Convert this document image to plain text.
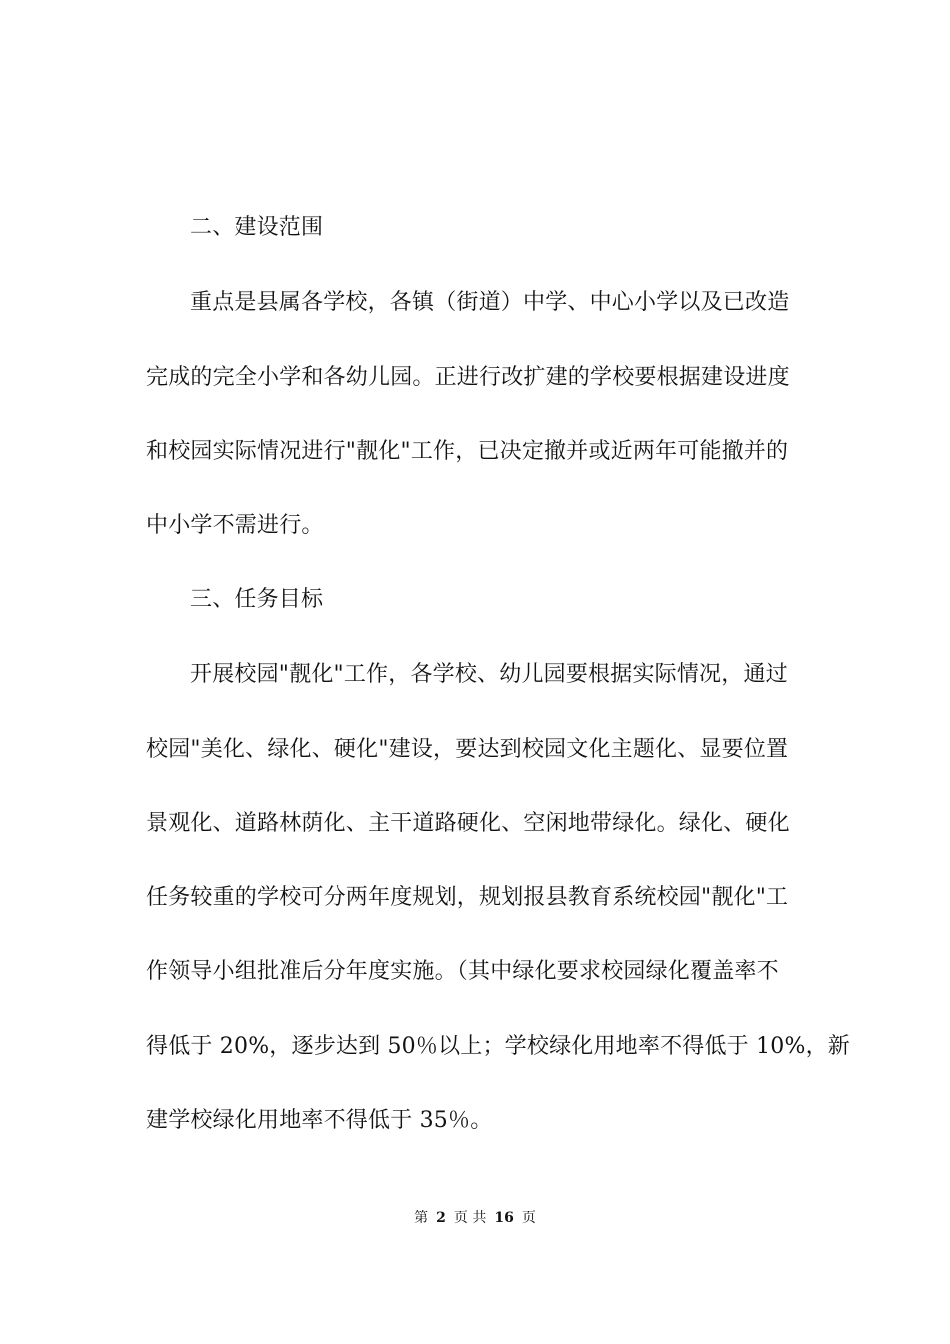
二、建设范围
重点是县属各学校，各镇（街道）中学、中心小学以及已改造
完成的完全小学和各幼儿园。正进行改扩建的学校要根据建设进度
和校园实际情况进行"靓化"工作，已决定撤并或近两年可能撤并的
中小学不需进行。
三、任务目标
开展校园"靓化"工作，各学校、幼儿园要根据实际情况，通过
校园"美化、绿化、硬化"建设，要达到校园文化主题化、显要位置
景观化、道路林荫化、主干道路硬化、空闲地带绿化。绿化、硬化
任务较重的学校可分两年度规划，规划报县教育系统校园"靓化"工
作领导小组批准后分年度实施。（其中绿化要求校园绿化覆盖率不
得低于 20%，逐步达到 50％以上；学校绿化用地率不得低于 10%，新
建学校绿化用地率不得低于 35％。
第 2 页 共 16 页
